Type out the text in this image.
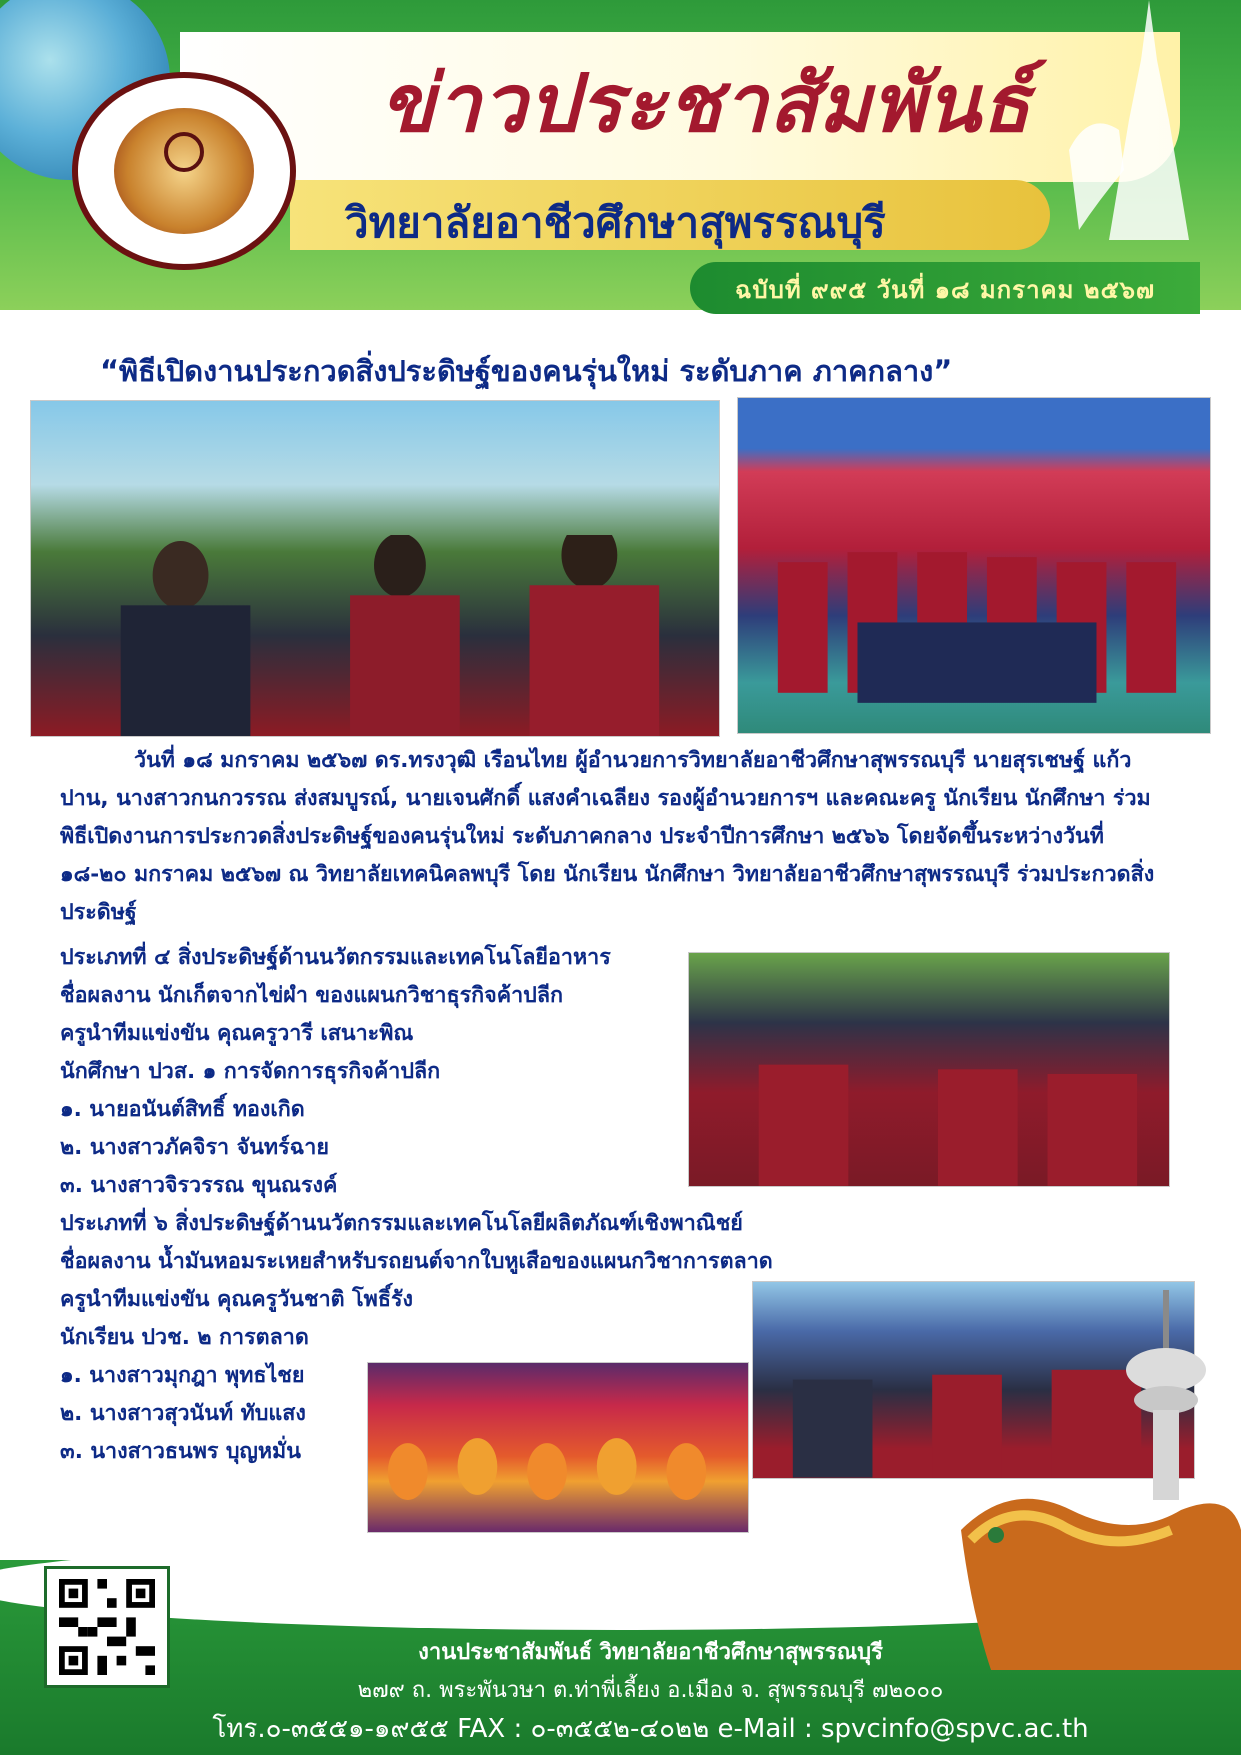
ข่าวประชาสัมพันธ์
วิทยาลัยอาชีวศึกษาสุพรรณบุรี
ฉบับที่ ๙๙๕ วันที่ ๑๘ มกราคม ๒๕๖๗
“พิธีเปิดงานประกวดสิ่งประดิษฐ์ของคนรุ่นใหม่ ระดับภาค ภาคกลาง”
วันที่ ๑๘ มกราคม ๒๕๖๗ ดร.ทรงวุฒิ เรือนไทย ผู้อำนวยการวิทยาลัยอาชีวศึกษาสุพรรณบุรี นายสุรเชษฐ์ แก้วปาน, นางสาวกนกวรรณ ส่งสมบูรณ์, นายเจนศักดิ์ แสงคำเฉลียง รองผู้อำนวยการฯ และคณะครู นักเรียน นักศึกษา ร่วมพิธีเปิดงานการประกวดสิ่งประดิษฐ์ของคนรุ่นใหม่ ระดับภาคกลาง ประจำปีการศึกษา ๒๕๖๖ โดยจัดขึ้นระหว่างวันที่ ๑๘-๒๐ มกราคม ๒๕๖๗ ณ วิทยาลัยเทคนิคลพบุรี โดย นักเรียน นักศึกษา วิทยาลัยอาชีวศึกษาสุพรรณบุรี ร่วมประกวดสิ่งประดิษฐ์
ประเภทที่ ๔ สิ่งประดิษฐ์ด้านนวัตกรรมและเทคโนโลยีอาหาร
ชื่อผลงาน นักเก็ตจากไข่ผำ ของแผนกวิชาธุรกิจค้าปลีก
ครูนำทีมแข่งขัน คุณครูวารี เสนาะพิณ
นักศึกษา ปวส. ๑ การจัดการธุรกิจค้าปลีก
๑. นายอนันต์สิทธิ์ ทองเกิด
๒. นางสาวภัคจิรา จันทร์ฉาย
๓. นางสาวจิรวรรณ ขุนณรงค์
ประเภทที่ ๖ สิ่งประดิษฐ์ด้านนวัตกรรมและเทคโนโลยีผลิตภัณฑ์เชิงพาณิชย์
ชื่อผลงาน น้ำมันหอมระเหยสำหรับรถยนต์จากใบหูเสือของแผนกวิชาการตลาด
ครูนำทีมแข่งขัน คุณครูวันชาติ โพธิ์รัง
นักเรียน ปวช. ๒ การตลาด
๑. นางสาวมุกฎา พุทธไชย
๒. นางสาวสุวนันท์ ทับแสง
๓. นางสาวธนพร บุญหมั่น
งานประชาสัมพันธ์ วิทยาลัยอาชีวศึกษาสุพรรณบุรี
๒๗๙ ถ. พระพันวษา ต.ท่าพี่เลี้ยง อ.เมือง จ. สุพรรณบุรี ๗๒๐๐๐
โทร.๐-๓๕๕๑-๑๙๕๕ FAX : ๐-๓๕๕๒-๔๐๒๒ e-Mail : spvcinfo@spvc.ac.th
